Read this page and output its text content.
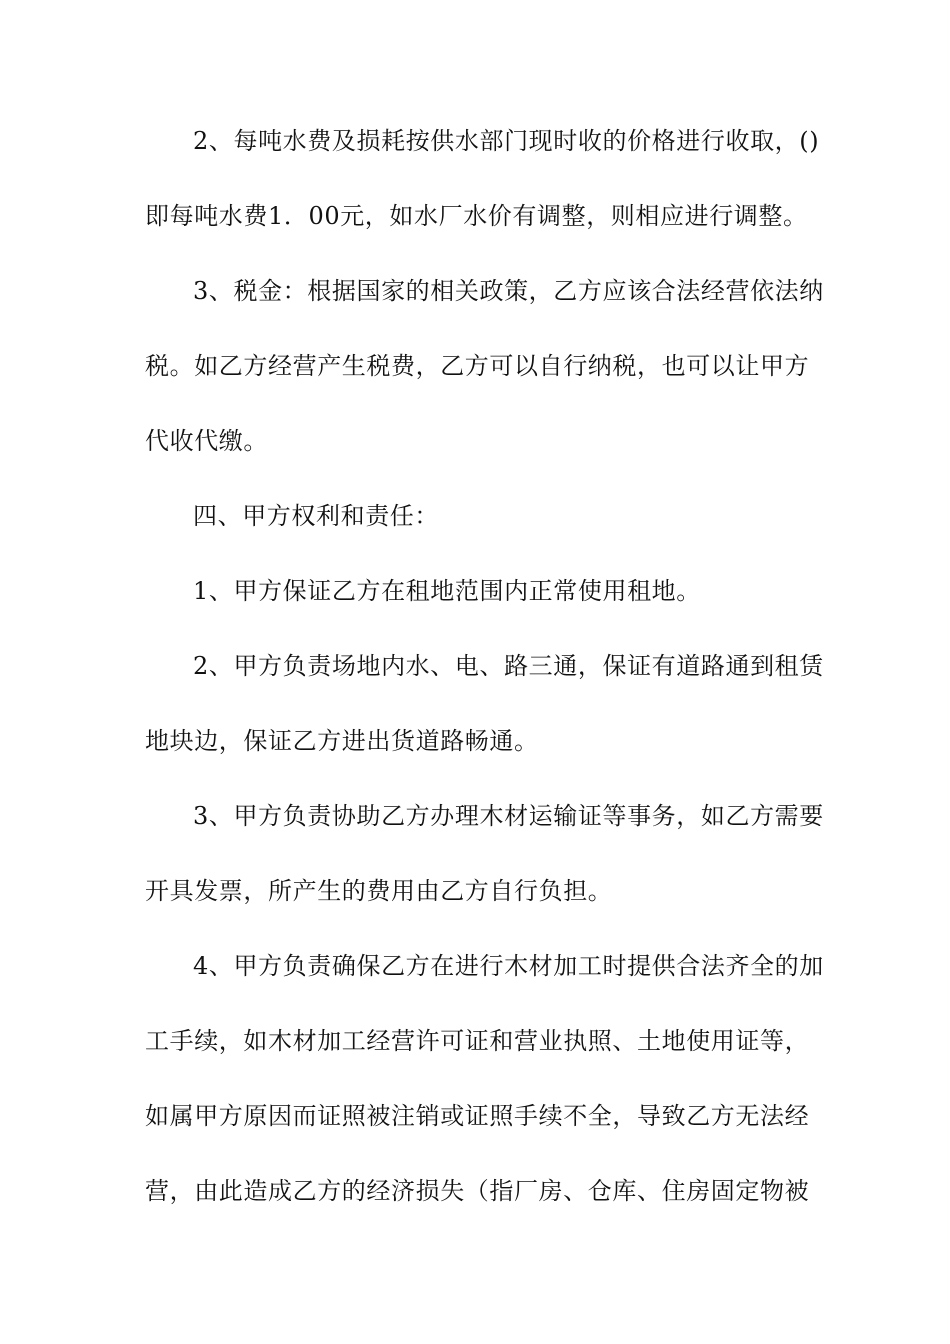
2、每吨水费及损耗按供水部门现时收的价格进行收取，()
即每吨水费1．00元，如水厂水价有调整，则相应进行调整。
3、税金：根据国家的相关政策，乙方应该合法经营依法纳
税。如乙方经营产生税费，乙方可以自行纳税，也可以让甲方
代收代缴。
四、甲方权利和责任：
1、甲方保证乙方在租地范围内正常使用租地。
2、甲方负责场地内水、电、路三通，保证有道路通到租赁
地块边，保证乙方进出货道路畅通。
3、甲方负责协助乙方办理木材运输证等事务，如乙方需要
开具发票，所产生的费用由乙方自行负担。
4、甲方负责确保乙方在进行木材加工时提供合法齐全的加
工手续，如木材加工经营许可证和营业执照、土地使用证等，
如属甲方原因而证照被注销或证照手续不全，导致乙方无法经
营，由此造成乙方的经济损失（指厂房、仓库、住房固定物被
